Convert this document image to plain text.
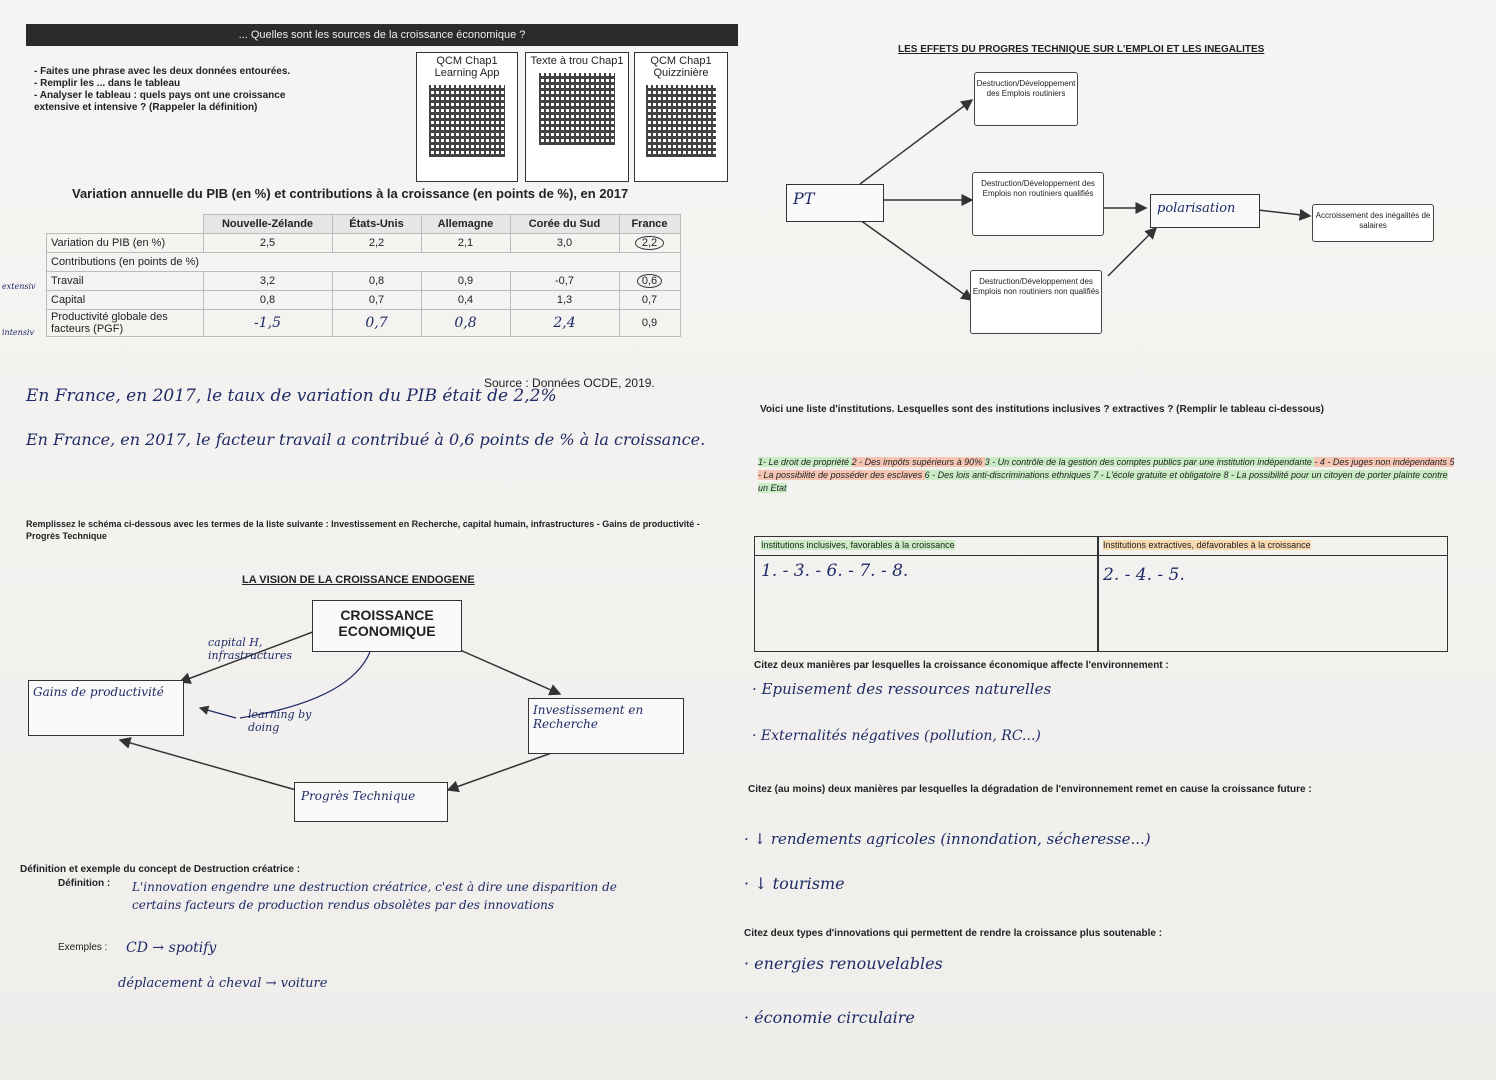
... Quelles sont les sources de la croissance économique ?
- Faites une phrase avec les deux données entourées.
- Remplir les ... dans le tableau
- Analyser le tableau : quels pays ont une croissance
extensive et intensive ? (Rappeler la définition)
QCM Chap1 Learning App
Texte à trou Chap1	QCM Chap1 Quizzinière
Variation annuelle du PIB (en %) et contributions à la croissance (en points de %), en 2017
	Nouvelle-Zélande	États-Unis	Allemagne	Corée du Sud	France
Variation du PIB (en %)	2,5	2,2	2,1	3,0	2,2
Contributions (en points de %)					
Travail	3,2	0,8	0,9	-0,7	0,6
Capital	0,8	0,7	0,4	1,3	0,7
Productivité globale des facteurs (PGF)	-1,5	0,7	0,8	2,4	0,9
extensiv
intensiv
Source : Données OCDE, 2019.
En France, en 2017, le taux de variation du PIB était de 2,2%
En France, en 2017, le facteur travail a contribué à 0,6 points de % à la croissance.
Remplissez le schéma ci-dessous avec les termes de la liste suivante : Investissement en Recherche, capital humain, infrastructures - Gains de productivité - Progrès Technique
LA VISION DE LA CROISSANCE ENDOGENE
CROISSANCE ECONOMIQUE
Gains de productivité
Investissement en Recherche
Progrès Technique
capital H, infrastructures
learning by doing
Définition et exemple du concept de Destruction créatrice :
Définition : L'innovation engendre une destruction créatrice, c'est à dire une disparition de certains facteurs de production rendus obsolètes par des innovations
Exemples : CD → spotify
déplacement à cheval → voiture
LES EFFETS DU PROGRES TECHNIQUE SUR L'EMPLOI ET LES INEGALITES
PT
Destruction/Développement des Emplois routiniers
Destruction/Développement des Emplois non routiniers qualifiés
Destruction/Développement des Emplois non routiniers non qualifiés
polarisation	Accroissement des inégalités de salaires
Voici une liste d'institutions. Lesquelles sont des institutions inclusives ? extractives ? (Remplir le tableau ci-dessous)
1- Le droit de propriété 2 - Des impôts supérieurs à 90% 3 - Un contrôle de la gestion des comptes publics par une institution indépendante - 4 - Des juges non indépendants 5 - La possibilité de posséder des esclaves 6 - Des lois anti-discriminations ethniques 7 - L'école gratuite et obligatoire 8 - La possibilité pour un citoyen de porter plainte contre un Etat
Institutions inclusives, favorables à la croissance	Institutions extractives, défavorables à la croissance
1. - 3. - 6. - 7. - 8.	2. - 4. - 5.
Citez deux manières par lesquelles la croissance économique affecte l'environnement :
· Epuisement des ressources naturelles
· Externalités négatives (pollution, RC...)
Citez (au moins) deux manières par lesquelles la dégradation de l'environnement remet en cause la croissance future :
· ↓ rendements agricoles (innondation, sécheresse...)
· ↓ tourisme
Citez deux types d'innovations qui permettent de rendre la croissance plus soutenable :
· energies renouvelables
· économie circulaire
